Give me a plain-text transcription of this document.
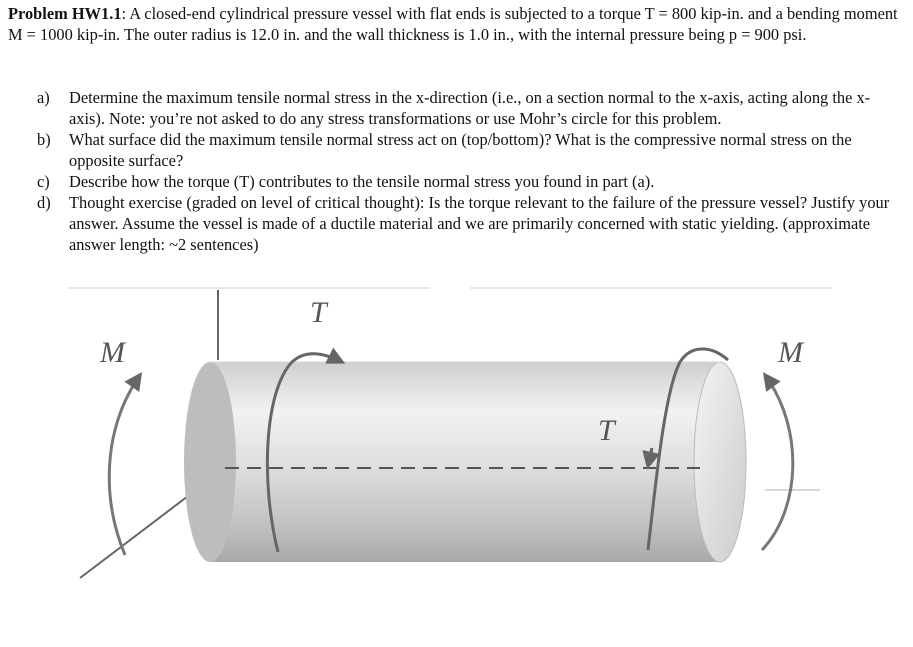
Problem HW1.1: A closed-end cylindrical pressure vessel with flat ends is subjected to a torque T = 800 kip-in. and a bending moment M = 1000 kip-in. The outer radius is 12.0 in. and the wall thickness is 1.0 in., with the internal pressure being p = 900 psi.
a) Determine the maximum tensile normal stress in the x-direction (i.e., on a section normal to the x-axis, acting along the x-axis). Note: you’re not asked to do any stress transformations or use Mohr’s circle for this problem.
b) What surface did the maximum tensile normal stress act on (top/bottom)? What is the compressive normal stress on the opposite surface?
c) Describe how the torque (T) contributes to the tensile normal stress you found in part (a).
d) Thought exercise (graded on level of critical thought): Is the torque relevant to the failure of the pressure vessel? Justify your answer. Assume the vessel is made of a ductile material and we are primarily concerned with static yielding. (approximate answer length: ~2 sentences)
T
T
M	M
